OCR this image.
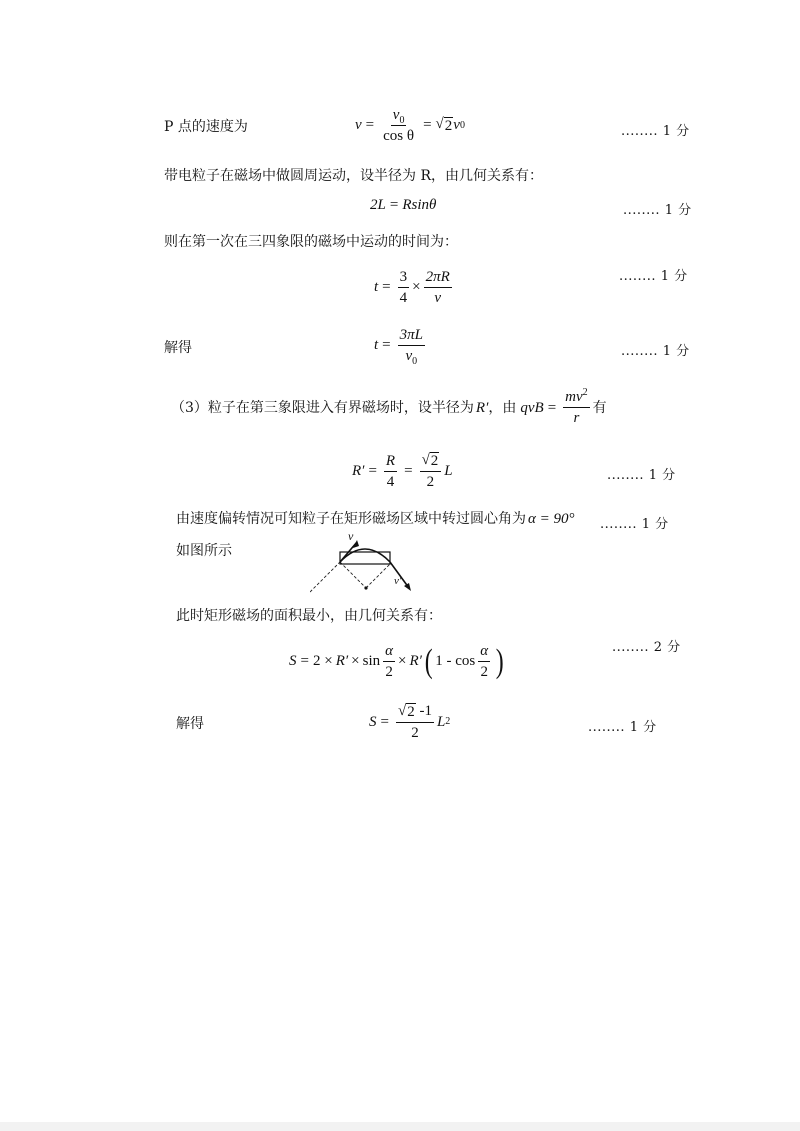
P 点的速度为	$v = \frac{v_0}{\text{cos θ}}$ = √ 2 v 0	........ 1 分
带电粒子在磁场中做圆周运动，设半径为 R，由几何关系有：
2L = Rsinθ	........ 1 分
则在第一次在三四象限的磁场中运动的时间为：
$t = \frac{3}{4} \times \frac{2\pi R}{v}$	........ 1 分
解得	$t = \frac{3\pi L}{v_0}$	........ 1 分
（3）粒子在第三象限进入有界磁场时，设半径为 R′ ，由 qvB = $\frac{mv^2}{r}$ 有
$R' = \frac{R}{4} = \frac{√ 2}{2}$ L	........ 1 分
由速度偏转情况可知粒子在矩形磁场区域中转过圆心角为 α = 90° ........ 1 分
如图所示
v
v′
此时矩形磁场的面积最小，由几何关系有：
$S = 2 \times R' \times \sin \frac{\alpha}{2} \times R'$ ( $1 - \cos \frac{\alpha}{2}$ )	........ 2 分
解得	$S = \frac{√ 2 -1}{2}$ L 2	........ 1 分
